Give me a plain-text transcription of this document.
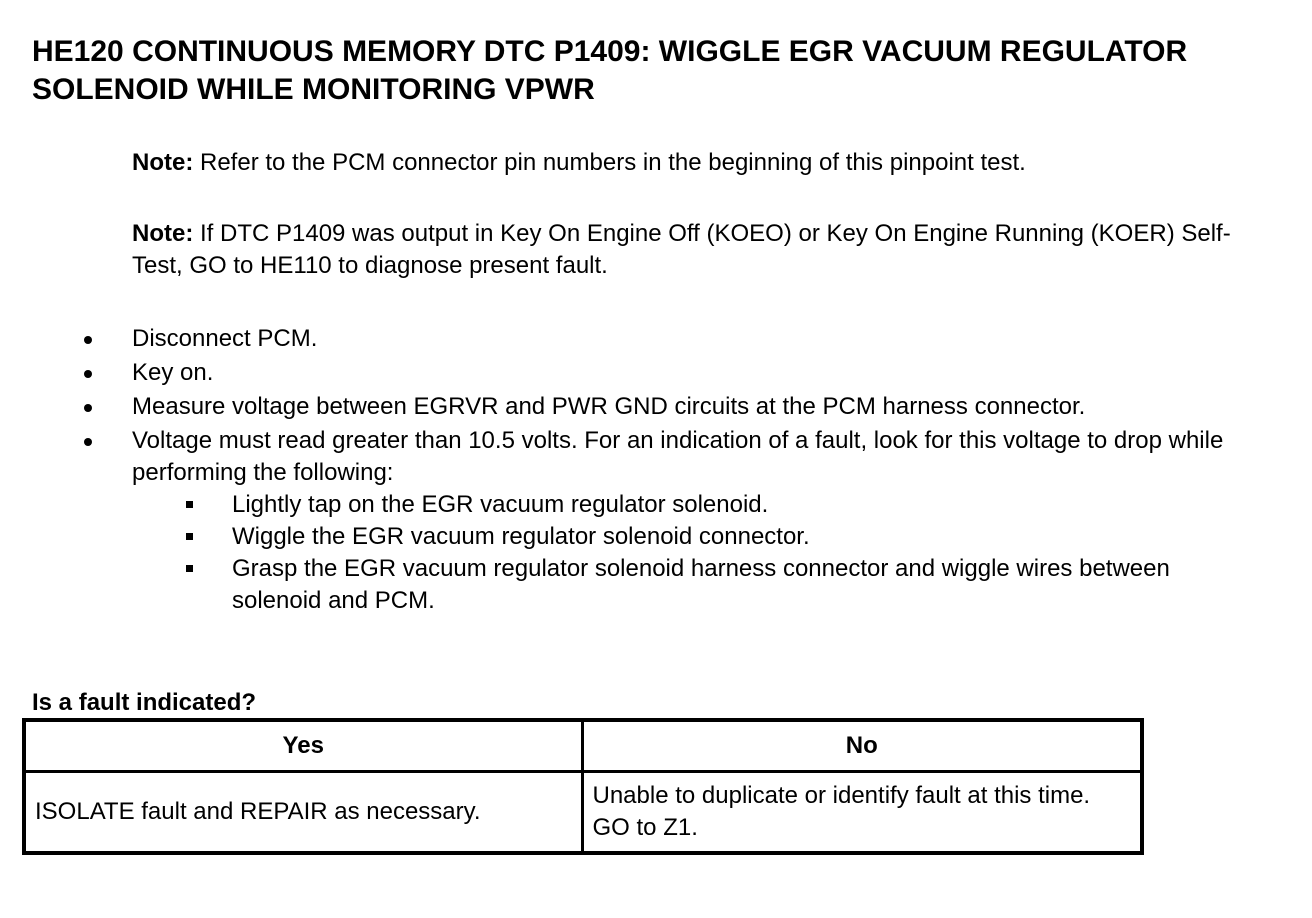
HE120 CONTINUOUS MEMORY DTC P1409: WIGGLE EGR VACUUM REGULATOR SOLENOID WHILE MONITORING VPWR

Note: Refer to the PCM connector pin numbers in the beginning of this pinpoint test.

Note: If DTC P1409 was output in Key On Engine Off (KOEO) or Key On Engine Running (KOER) Self-Test, GO to HE110 to diagnose present fault.

Disconnect PCM.
Key on.
Measure voltage between EGRVR and PWR GND circuits at the PCM harness connector.
Voltage must read greater than 10.5 volts. For an indication of a fault, look for this voltage to drop while performing the following:
Lightly tap on the EGR vacuum regulator solenoid.
Wiggle the EGR vacuum regulator solenoid connector.
Grasp the EGR vacuum regulator solenoid harness connector and wiggle wires between solenoid and PCM.

Is a fault indicated?

Yes	No
ISOLATE fault and REPAIR as necessary.	Unable to duplicate or identify fault at this time. GO to Z1.
